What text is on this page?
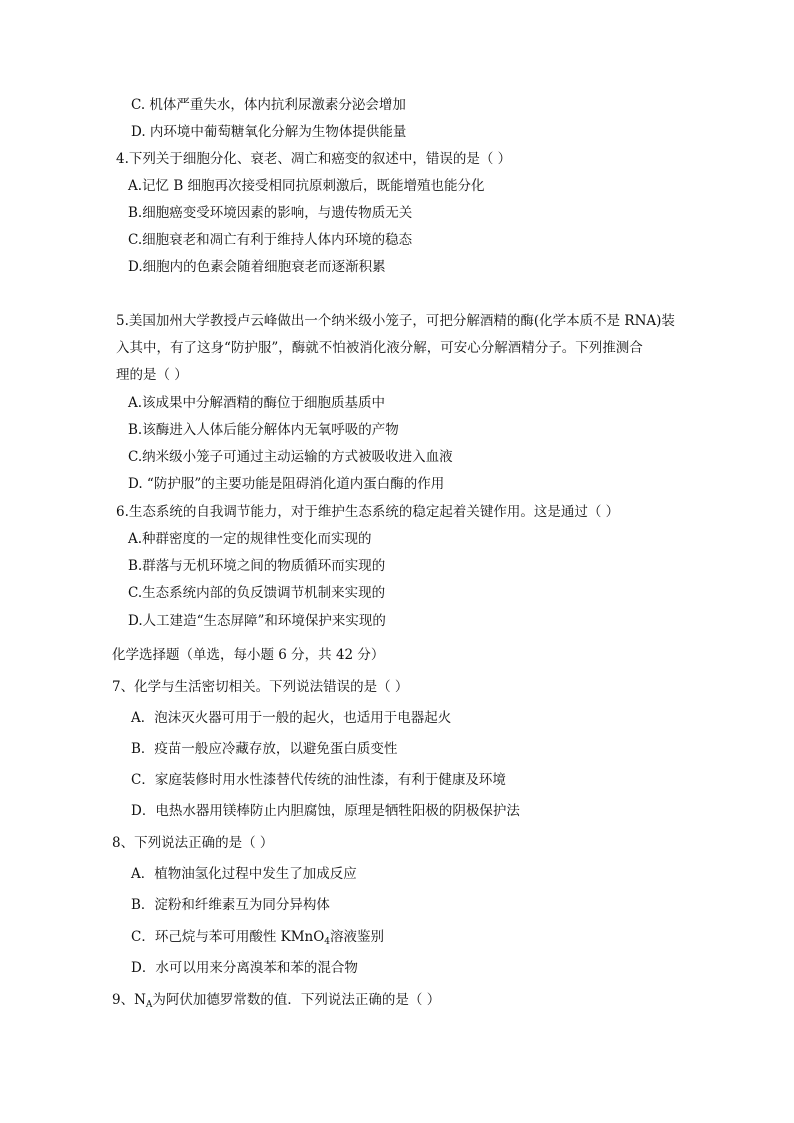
C. 机体严重失水，体内抗利尿激素分泌会增加
D. 内环境中葡萄糖氧化分解为生物体提供能量
4.下列关于细胞分化、衰老、凋亡和癌变的叙述中，错误的是（ ）
A.记忆 B 细胞再次接受相同抗原刺激后，既能增殖也能分化
B.细胞癌变受环境因素的影响，与遗传物质无关
C.细胞衰老和凋亡有利于维持人体内环境的稳态
D.细胞内的色素会随着细胞衰老而逐渐积累
5.美国加州大学教授卢云峰做出一个纳米级小笼子，可把分解酒精的酶(化学本质不是 RNA)装
入其中，有了这身“防护服”，酶就不怕被消化液分解，可安心分解酒精分子。下列推测合
理的是（ ）
A.该成果中分解酒精的酶位于细胞质基质中
B.该酶进入人体后能分解体内无氧呼吸的产物
C.纳米级小笼子可通过主动运输的方式被吸收进入血液
D. “防护服”的主要功能是阻碍消化道内蛋白酶的作用
6.生态系统的自我调节能力，对于维护生态系统的稳定起着关键作用。这是通过（ ）
A.种群密度的一定的规律性变化而实现的
B.群落与无机环境之间的物质循环而实现的
C.生态系统内部的负反馈调节机制来实现的
D.人工建造“生态屏障”和环境保护来实现的
化学选择题（单选，每小题 6 分，共 42 分）
7、化学与生活密切相关。下列说法错误的是（ ）
A．泡沫灭火器可用于一般的起火，也适用于电器起火
B．疫苗一般应冷藏存放，以避免蛋白质变性
C．家庭装修时用水性漆替代传统的油性漆，有利于健康及环境
D．电热水器用镁棒防止内胆腐蚀，原理是牺牲阳极的阴极保护法
8、下列说法正确的是（ ）
A．植物油氢化过程中发生了加成反应
B．淀粉和纤维素互为同分异构体
C．环己烷与苯可用酸性 KMnO$_4$溶液鉴别
D．水可以用来分离溴苯和苯的混合物
9、$N_A$为阿伏加德罗常数的值．下列说法正确的是（ ）
